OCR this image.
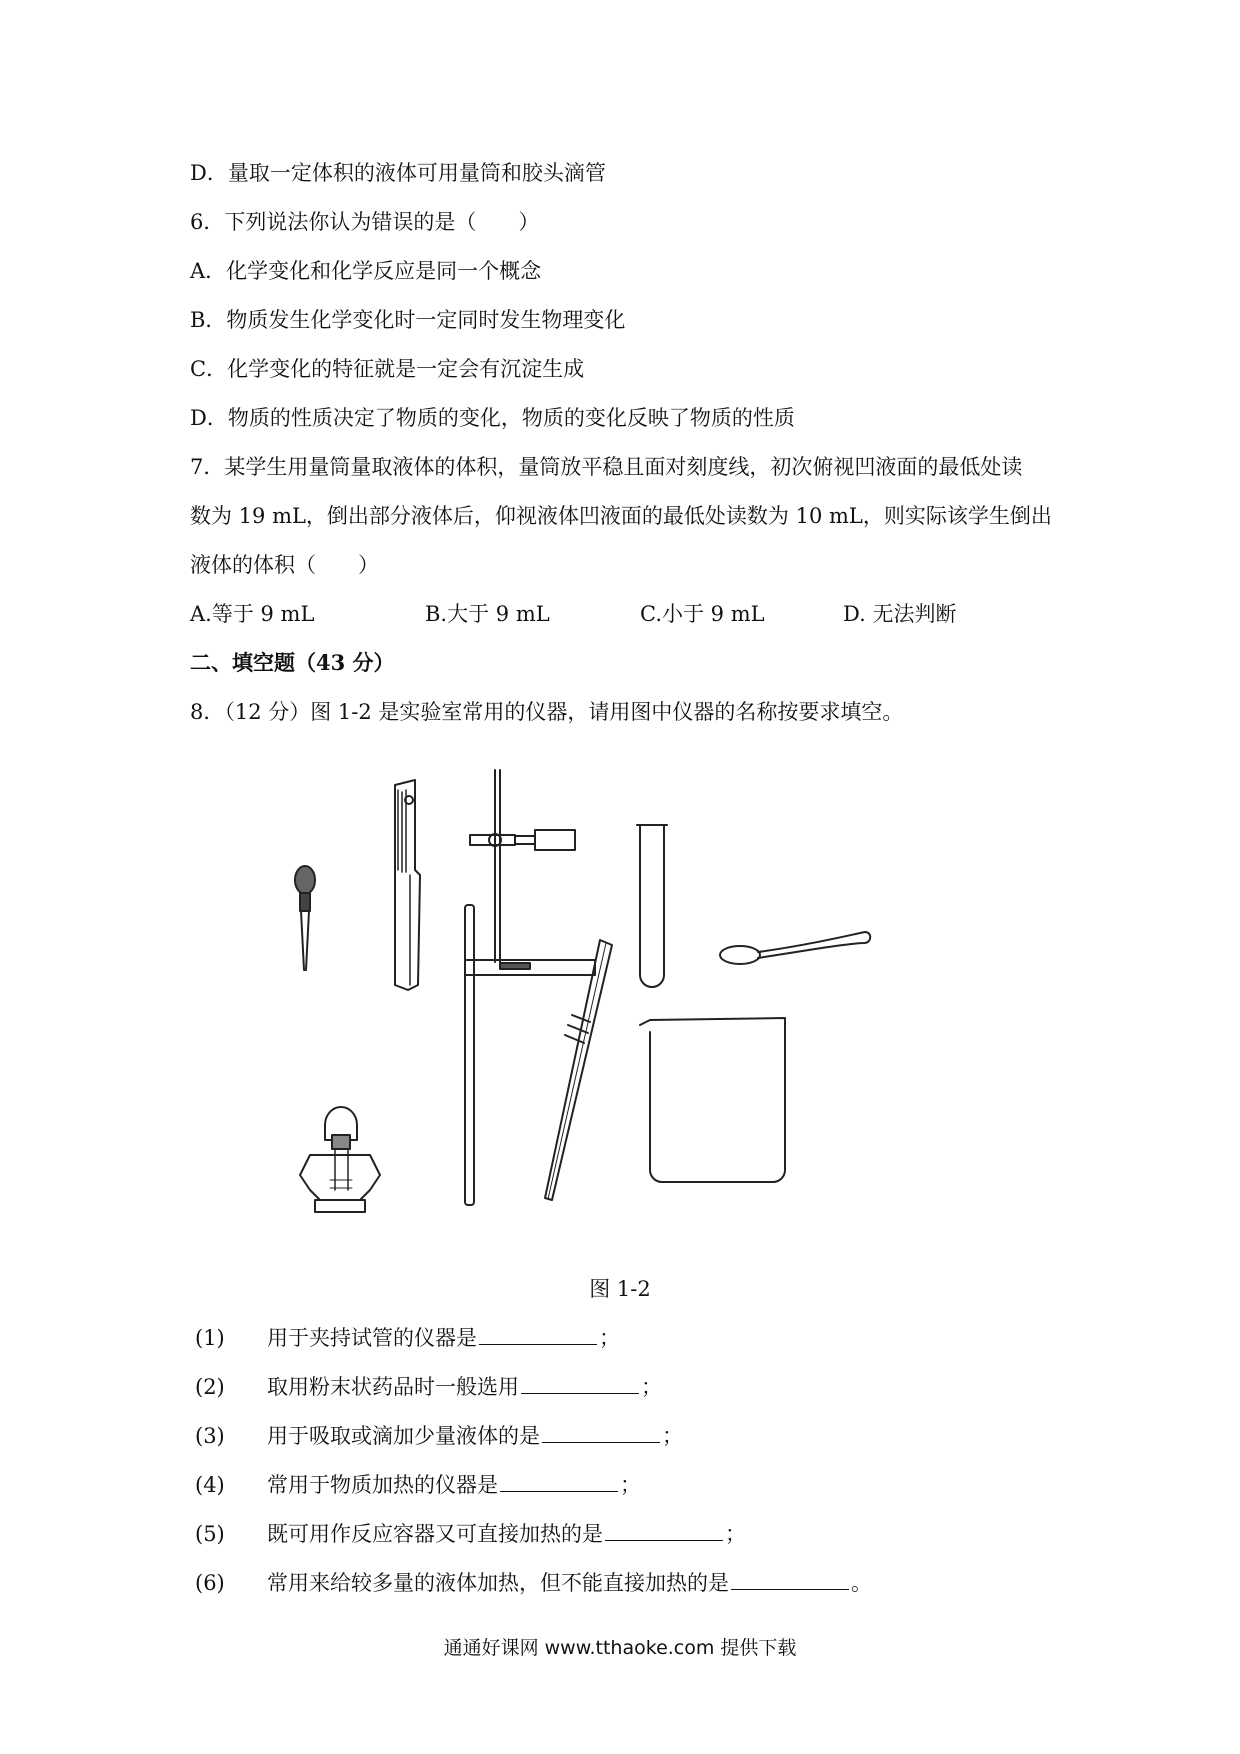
D．量取一定体积的液体可用量筒和胶头滴管
6．下列说法你认为错误的是（　　）
A．化学变化和化学反应是同一个概念
B．物质发生化学变化时一定同时发生物理变化
C．化学变化的特征就是一定会有沉淀生成
D．物质的性质决定了物质的变化，物质的变化反映了物质的性质
7．某学生用量筒量取液体的体积，量筒放平稳且面对刻度线，初次俯视凹液面的最低处读
数为 19 mL，倒出部分液体后，仰视液体凹液面的最低处读数为 10 mL，则实际该学生倒出
液体的体积（　　）
A.等于 9 mL	B.大于 9 mL	C.小于 9 mL	D. 无法判断
二、填空题（43 分）
8．（12 分）图 1-2 是实验室常用的仪器，请用图中仪器的名称按要求填空。
图 1-2
(1) 用于夹持试管的仪器是	；
(2) 取用粉末状药品时一般选用	；
(3) 用于吸取或滴加少量液体的是	；
(4) 常用于物质加热的仪器是	；
(5) 既可用作反应容器又可直接加热的是	；
(6) 常用来给较多量的液体加热，但不能直接加热的是	。
通通好课网 www.tthaoke.com 提供下载
